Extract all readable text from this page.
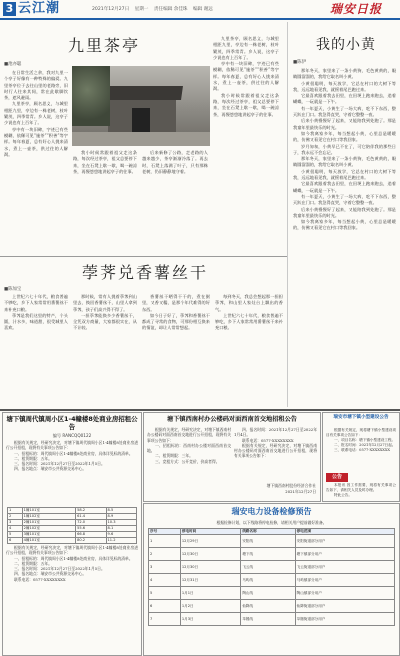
3 云江潮	2021年12月27日 星期一 责任编辑 余佳珠 编辑 谢远	瑞安日报
九里茶亭
■池亦聪

在日常生活之余，我对九里一个亭子好像有一种特殊的偏爱。九里茶亭位于去往山里的老路旁，旧时行人往来其间，常在此歇脚饮茶，遮风避雨。

九里茶亭，顾名思义，与城里相距九里，亭边有一株老树，枝叶繁茂，四季常青。乡人说，这亭子少说也有上百年了。

亭中有一块旧碑，字迹已有些模糊，依稀可见“施茶”“积善”等字样。每年春夏，总有好心人挑来清水，煮上一壶茶，供过往的人解渴。	我小时候常跟着祖父走这条路，每次经过茶亭，祖父总要停下来，坐在石凳上歇一歇，喝一碗凉茶，再慢悠悠地讲起亭子的往事。

后来新修了公路，走老路的人越来越少，茶亭渐渐冷落了。再去时，石凳上落满了叶子，只有那株老树，仍旧静静地守着。

九里茶亭，顾名思义，与城里相距九里，亭边有一株老树，枝叶繁茂，四季常青。乡人说，这亭子少说也有上百年了。

亭中有一块旧碑，字迹已有些模糊，依稀可见“施茶”“积善”等字样。每年春夏，总有好心人挑来清水，煮上一壶茶，供过往的人解渴。

我小时候常跟着祖父走这条路，每次经过茶亭，祖父总要停下来，坐在石凳上歇一歇，喝一碗凉茶，再慢悠悠地讲起亭子的往事。

我的小黄
■陈伊

那年冬天，家里来了一条小黄狗，毛色黄黄的，眼睛圆溜溜的，我给它取名叫小黄。

小黄很聪明，每天放学，它总在村口的大树下等我，远远地看见我，就摇着尾巴跑过来。

它最喜欢跟着我去田里，在田埂上跑来跑去，追着蝴蝶，一玩就是一下午。

有一年夏天，小黄生了一场大病，吃不下东西，整天趴在门口。我急得直哭，守着它整整一夜。

后来小黄慢慢好了起来，又能陪我到处跑了。那是我童年里最快乐的时光。

如今我离家多年，每当想起小黄，心里总是暖暖的，仿佛又看见它在村口等我回家。

岁月匆匆，小黄早已不在了，可它陪伴我的那些日子，我永远不会忘记。

那年冬天，家里来了一条小黄狗，毛色黄黄的，眼睛圆溜溜的，我给它取名叫小黄。

小黄很聪明，每天放学，它总在村口的大树下等我，远远地看见我，就摇着尾巴跑过来。

它最喜欢跟着我去田里，在田埂上跑来跑去，追着蝴蝶，一玩就是一下午。

有一年夏天，小黄生了一场大病，吃不下东西，整天趴在门口。我急得直哭，守着它整整一夜。

后来小黄慢慢好了起来，又能陪我到处跑了。那是我童年里最快乐的时光。

如今我离家多年，每当想起小黄，心里总是暖暖的，仿佛又看见它在村口等我回家。

荸荠兑香薯丝干
■陈加宝

上世纪六七十年代，粮食普遍不够吃，乡下人家常常用番薯丝干来补充口粮。

荸荠是我们这里的特产，个头圆，汁水多，味道甜，很受城里人喜欢。

那时候，常有人挑着荸荠到山里去，换回香薯丝干，山里人拿到荸荠，孩子们高兴得不得了。

一担荸荠能换多少香薯丝干，全凭双方商量，大家都很实在，从不计较。

香薯丝干晒得干干的，煮在粥里，又香又糯，是那个年代难得的好东西。

如今日子好了，荸荠和香薯丝干都成了寻常的食物，可那份相互换来的情谊，却让人常常想起。

每到冬天，我总会想起那一担担荸荠，和山里人家灶台上飘出的香气。

上世纪六七十年代，粮食普遍不够吃，乡下人家常常用番薯丝干来补充口粮。

塘下镇周代镇周小区1-4幢楼8处商业房招租公告
编号 RANCQQ0122

根据有关规定，经研究决定，对塘下镇周代镇周小区1-4幢楼8处商业房进行公开招租，现将有关事项公告如下：

一、招租标的：周代镇周小区1-4幢楼8处商业房，具体详见标的清单。

二、租赁期限：五年。

三、报名时间：2021年12月27日至2022年1月5日。

四、报名地点：瑞安市公共资源交易中心。

1	1幢101室	58.2	8.5
2	1幢102室	61.4	8.9
3	2幢101室	72.0	10.3
4	2幢102室	55.6	8.1
5	3幢101室	66.8	9.6
6	4幢101室	80.2	11.2

根据有关规定，经研究决定，对塘下镇周代镇周小区1-4幢楼8处商业房进行公开招租，现将有关事项公告如下：

一、招租标的：周代镇周小区1-4幢楼8处商业房，具体详见标的清单。

二、租赁期限：五年。

三、报名时间：2021年12月27日至2022年1月5日。

四、报名地点：瑞安市公共资源交易中心。

联系电话：0577-XXXXXXXX

塘下镇西南村办公楼码对面西南首交地招租公告

根据有关规定，经研究决定，对塘下镇西南村办公楼码对面西南首交地进行公开招租，现将有关事项公告如下：

一、招租标的：西南村办公楼对面西南首交地。

二、租赁期限：三年。

三、竞租方式：公开竞价，价高者得。

四、报名时间：2021年12月27日至2022年1月4日。

联系电话：0577-XXXXXXXX

根据有关规定，经研究决定，对塘下镇西南村办公楼码对面西南首交地进行公开招租，现将有关事项公告如下：

塘下镇西南村股份经济合作社
2021年12月27日
瑞安市塘下镇小型建设公告

根据有关规定，现将塘下镇小型建设项目有关事项公告如下：

一、项目名称：塘下镇小型建设工程。

二、报名时间：2021年12月27日起。

三、联系电话：0577-XXXXXXXX

公告

本报讯 因工作需要，现将有关事项公告如下，请相关人员及时办理。

特此公告。

瑞安电力设备检修预告
根据检修计划，以下线路将停电检修，请相关用户提前做好准备。
序号	停电时间	线路名称	停电范围
1	12月29日	安阳线	安阳街道部分用户
2	12月30日	塘下线	塘下镇部分用户
3	12月30日	飞云线	飞云街道部分用户
4	12月31日	马屿线	马屿镇部分用户
5	1月1日	陶山线	陶山镇部分用户
6	1月2日	仙降线	仙降街道部分用户
7	1月3日	莘塍线	莘塍街道部分用户
